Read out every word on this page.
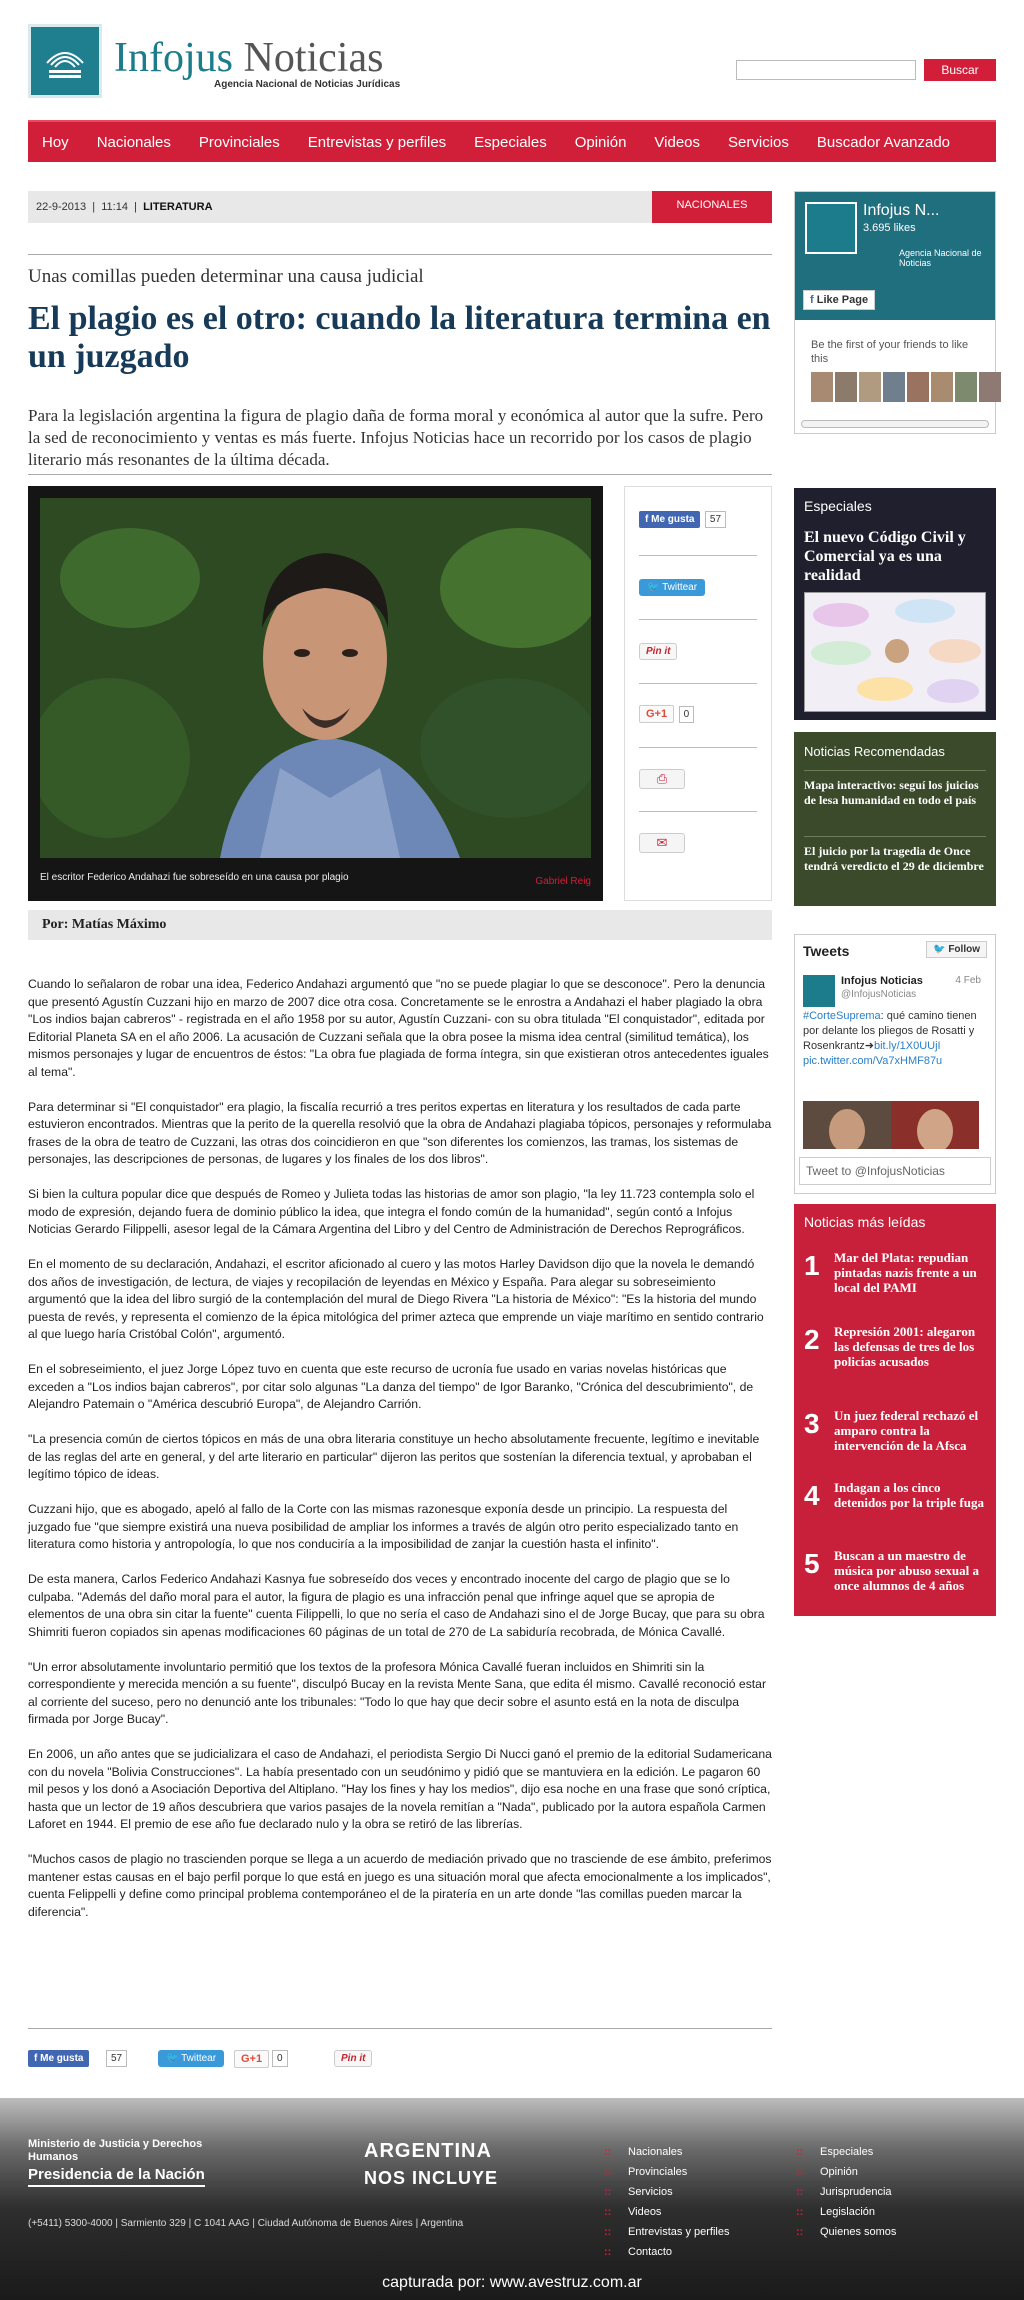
Infojus Noticias
Agencia Nacional de Noticias Jurídicas
Buscar
Hoy	Nacionales	Provinciales	Entrevistas y perfiles	Especiales	Opinión	Videos	Servicios	Buscador Avanzado
22-9-2013  |  11:14  |  LITERATURA	NACIONALES
Unas comillas pueden determinar una causa judicial
El plagio es el otro: cuando la literatura termina en un juzgado
Para la legislación argentina la figura de plagio daña de forma moral y económica al autor que la sufre. Pero la sed de reconocimiento y ventas es más fuerte. Infojus Noticias hace un recorrido por los casos de plagio literario más resonantes de la última década.
El escritor Federico Andahazi fue sobreseído en una causa por plagio	Gabriel Reig
f Me gusta 57
🐦 Twittear
Pin it
G+1 0
⎙
✉
Por: Matías Máximo

Cuando lo señalaron de robar una idea, Federico Andahazi argumentó que "no se puede plagiar lo que se desconoce". Pero la denuncia que presentó Agustín Cuzzani hijo en marzo de 2007 dice otra cosa. Concretamente se le enrostra a Andahazi el haber plagiado la obra "Los indios bajan cabreros" - registrada en el año 1958 por su autor, Agustín Cuzzani- con su obra titulada "El conquistador", editada por Editorial Planeta SA en el año 2006. La acusación de Cuzzani señala que la obra posee la misma idea central (similitud temática), los mismos personajes y lugar de encuentros de éstos: "La obra fue plagiada de forma íntegra, sin que existieran otros antecedentes iguales al tema".

Para determinar si "El conquistador" era plagio, la fiscalía recurrió a tres peritos expertas en literatura y los resultados de cada parte estuvieron encontrados. Mientras que la perito de la querella resolvió que la obra de Andahazi plagiaba tópicos, personajes y reformulaba frases de la obra de teatro de Cuzzani, las otras dos coincidieron en que "son diferentes los comienzos, las tramas, los sistemas de personajes, las descripciones de personas, de lugares y los finales de los dos libros".

Si bien la cultura popular dice que después de Romeo y Julieta todas las historias de amor son plagio, "la ley 11.723 contempla solo el modo de expresión, dejando fuera de dominio público la idea, que integra el fondo común de la humanidad", según contó a Infojus Noticias Gerardo Filippelli, asesor legal de la Cámara Argentina del Libro y del Centro de Administración de Derechos Reprográficos.

En el momento de su declaración, Andahazi, el escritor aficionado al cuero y las motos Harley Davidson dijo que la novela le demandó dos años de investigación, de lectura, de viajes y recopilación de leyendas en México y España. Para alegar su sobreseimiento argumentó que la idea del libro surgió de la contemplación del mural de Diego Rivera "La historia de México": "Es la historia del mundo puesta de revés, y representa el comienzo de la épica mitológica del primer azteca que emprende un viaje marítimo en sentido contrario al que luego haría Cristóbal Colón", argumentó.

En el sobreseimiento, el juez Jorge López tuvo en cuenta que este recurso de ucronía fue usado en varias novelas históricas que exceden a "Los indios bajan cabreros", por citar solo algunas "La danza del tiempo" de Igor Baranko, "Crónica del descubrimiento", de Alejandro Patemain o "América descubrió Europa", de Alejandro Carrión.

"La presencia común de ciertos tópicos en más de una obra literaria constituye un hecho absolutamente frecuente, legítimo e inevitable de las reglas del arte en general, y del arte literario en particular" dijeron las peritos que sostenían la diferencia textual, y aprobaban el legítimo tópico de ideas.

Cuzzani hijo, que es abogado, apeló al fallo de la Corte con las mismas razonesque exponía desde un principio. La respuesta del juzgado fue "que siempre existirá una nueva posibilidad de ampliar los informes a través de algún otro perito especializado tanto en literatura como historia y antropología, lo que nos conduciría a la imposibilidad de zanjar la cuestión hasta el infinito".

De esta manera, Carlos Federico Andahazi Kasnya fue sobreseído dos veces y encontrado inocente del cargo de plagio que se lo culpaba. "Además del daño moral para el autor, la figura de plagio es una infracción penal que infringe aquel que se apropia de elementos de una obra sin citar la fuente" cuenta Filippelli, lo que no sería el caso de Andahazi sino el de Jorge Bucay, que para su obra Shimriti fueron copiados sin apenas modificaciones 60 páginas de un total de 270 de La sabiduría recobrada, de Mónica Cavallé.

"Un error absolutamente involuntario permitió que los textos de la profesora Mónica Cavallé fueran incluidos en Shimriti sin la correspondiente y merecida mención a su fuente", disculpó Bucay en la revista Mente Sana, que edita él mismo. Cavallé reconoció estar al corriente del suceso, pero no denunció ante los tribunales: "Todo lo que hay que decir sobre el asunto está en la nota de disculpa firmada por Jorge Bucay".

En 2006, un año antes que se judicializara el caso de Andahazi, el periodista Sergio Di Nucci ganó el premio de la editorial Sudamericana con du novela "Bolivia Construcciones". La había presentado con un seudónimo y pidió que se mantuviera en la edición. Le pagaron 60 mil pesos y los donó a Asociación Deportiva del Altiplano. "Hay los fines y hay los medios", dijo esa noche en una frase que sonó críptica, hasta que un lector de 19 años descubriera que varios pasajes de la novela remitían a "Nada", publicado por la autora española Carmen Laforet en 1944. El premio de ese año fue declarado nulo y la obra se retiró de las librerías.

"Muchos casos de plagio no trascienden porque se llega a un acuerdo de mediación privado que no trasciende de ese ámbito, preferimos mantener estas causas en el bajo perfil porque lo que está en juego es una situación moral que afecta emocionalmente a los implicados", cuenta Felippelli y define como principal problema contemporáneo el de la piratería en un arte donde "las comillas pueden marcar la diferencia".

f Me gusta	57	🐦 Twittear	G+1	0	Pin it
Infojus N...
3.695 likes
Agencia Nacional de Noticias
f Like Page
Be the first of your friends to like this
Especiales
El nuevo Código Civil y Comercial ya es una realidad
Noticias Recomendadas
Mapa interactivo: seguí los juicios de lesa humanidad en todo el país
El juicio por la tragedia de Once tendrá veredicto el 29 de diciembre
Tweets	🐦 Follow
Infojus Noticias
@InfojusNoticias
4 Feb
#CorteSuprema: qué camino tienen por delante los pliegos de Rosatti y Rosenkrantz➜bit.ly/1X0UUjI pic.twitter.com/Va7xHMF87u
Tweet to @InfojusNoticias
Noticias más leídas
1 Mar del Plata: repudian pintadas nazis frente a un local del PAMI
2 Represión 2001: alegaron las defensas de tres de los policías acusados
3 Un juez federal rechazó el amparo contra la intervención de la Afsca
4 Indagan a los cinco detenidos por la triple fuga
5 Buscan a un maestro de música por abuso sexual a once alumnos de 4 años
Ministerio de Justicia y Derechos Humanos
Presidencia de la Nación
ARGENTINA
NOS INCLUYE
(+5411) 5300-4000 | Sarmiento 329 | C 1041 AAG | Ciudad Autónoma de Buenos Aires | Argentina
:: Nacionales
:: Provinciales
:: Servicios
:: Videos
:: Entrevistas y perfiles
:: Contacto
:: Especiales
:: Opinión
:: Jurisprudencia
:: Legislación
:: Quienes somos
capturada por: www.avestruz.com.ar
